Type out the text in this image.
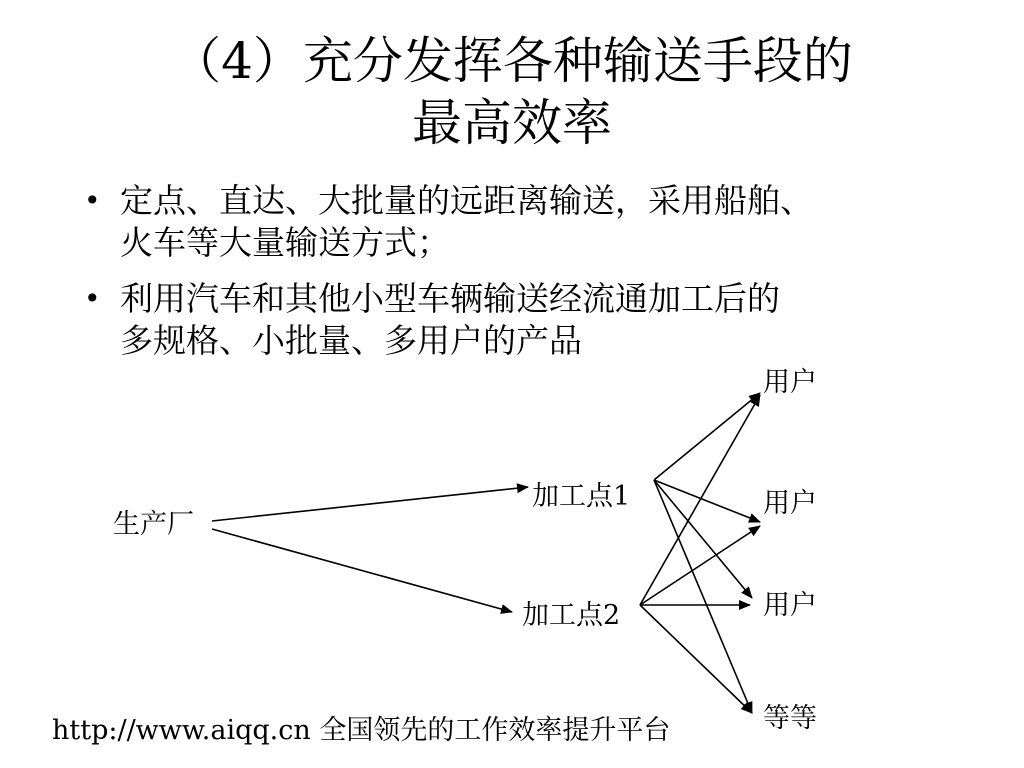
（4）充分发挥各种输送手段的
最高效率
• 定点、直达、大批量的远距离输送，采用船舶、
火车等大量输送方式；
• 利用汽车和其他小型车辆输送经流通加工后的
多规格、小批量、多用户的产品
生产厂
加工点1
加工点2
用户
用户
用户
等等
http://www.aiqq.cn 全国领先的工作效率提升平台
